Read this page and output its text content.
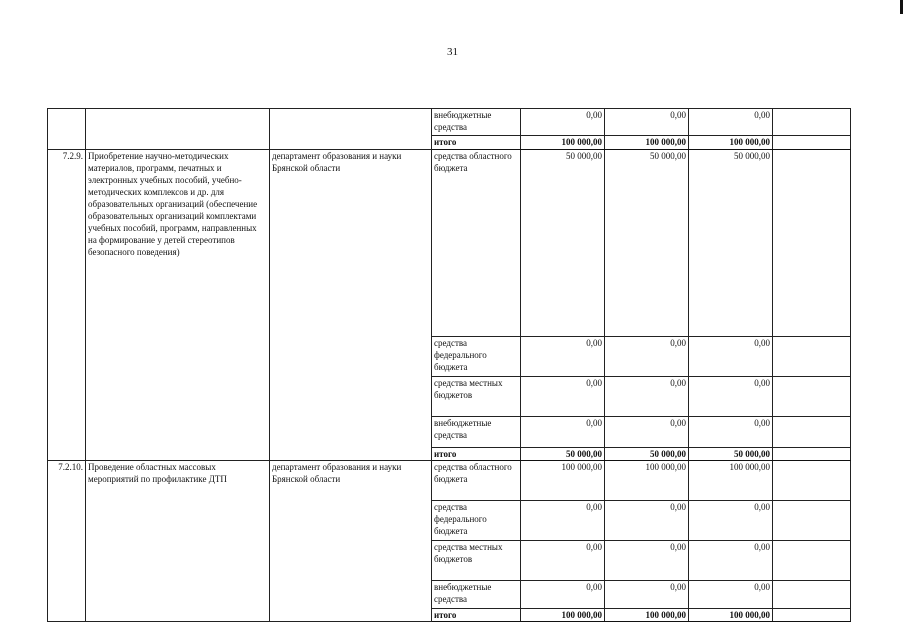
31
			внебюджетные средства	0,00	0,00	0,00	
			итого	100 000,00	100 000,00	100 000,00	
7.2.9.	Приобретение научно-методических материалов, программ, печатных и электронных учебных пособий, учебно-методических комплексов и др. для образовательных организаций (обеспечение образовательных организаций комплектами учебных пособий, программ, направленных на формирование у детей стереотипов безопасного поведения)	департамент образования и науки Брянской области	средства областного бюджета	50 000,00	50 000,00	50 000,00	
			средства федерального бюджета	0,00	0,00	0,00	
			средства местных бюджетов	0,00	0,00	0,00	
			внебюджетные средства	0,00	0,00	0,00	
			итого	50 000,00	50 000,00	50 000,00	
7.2.10.	Проведение областных массовых мероприятий по профилактике ДТП	департамент образования и науки Брянской области	средства областного бюджета	100 000,00	100 000,00	100 000,00	
			средства федерального бюджета	0,00	0,00	0,00	
			средства местных бюджетов	0,00	0,00	0,00	
			внебюджетные средства	0,00	0,00	0,00	
			итого	100 000,00	100 000,00	100 000,00	
